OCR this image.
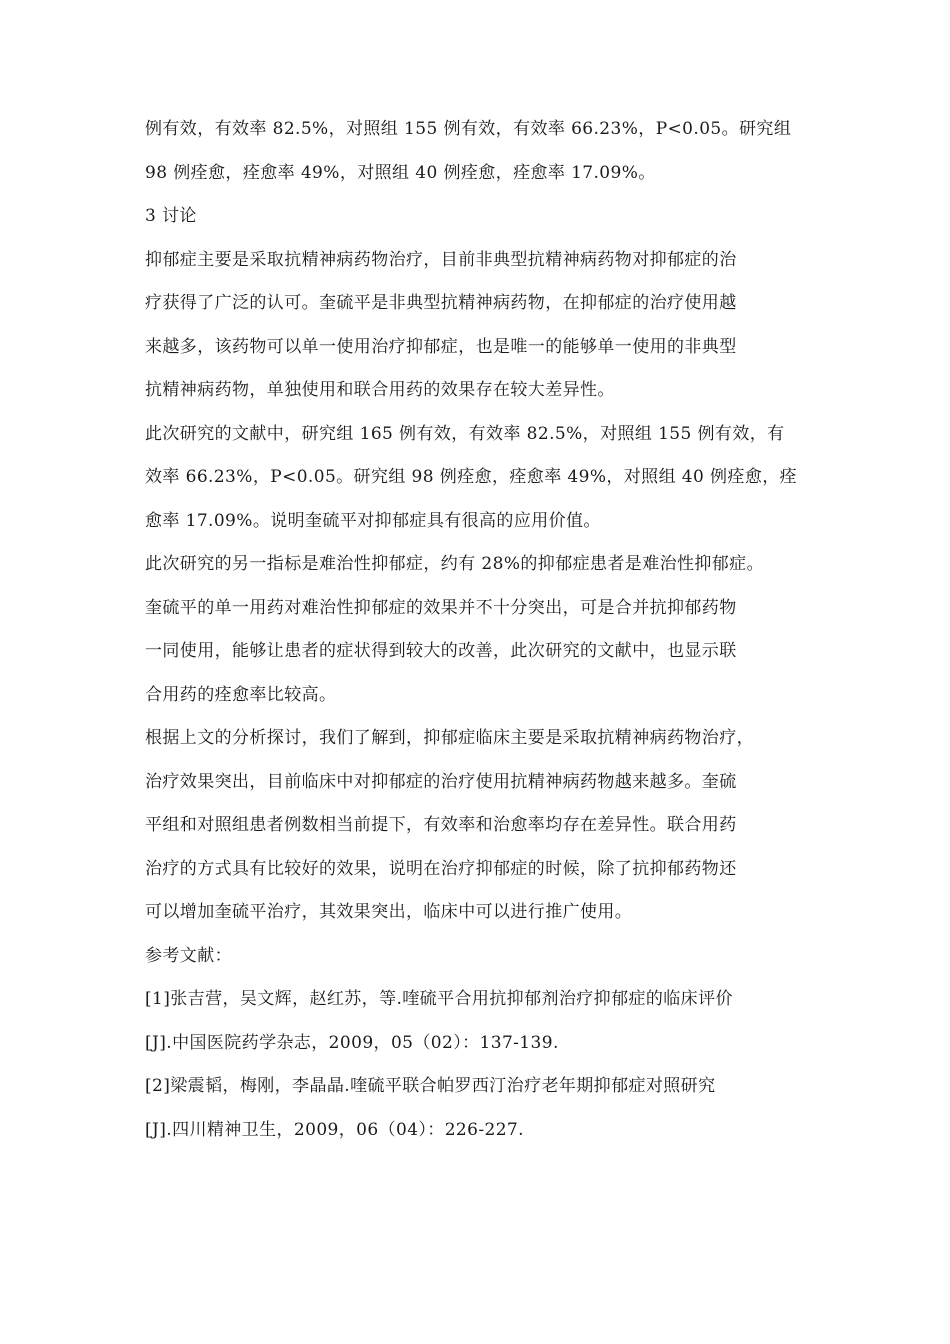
例有效，有效率 82.5%，对照组 155 例有效，有效率 66.23%，P<0.05。研究组
98 例痊愈，痊愈率 49%，对照组 40 例痊愈，痊愈率 17.09%。
3 讨论
抑郁症主要是采取抗精神病药物治疗，目前非典型抗精神病药物对抑郁症的治
疗获得了广泛的认可。奎硫平是非典型抗精神病药物，在抑郁症的治疗使用越
来越多，该药物可以单一使用治疗抑郁症，也是唯一的能够单一使用的非典型
抗精神病药物，单独使用和联合用药的效果存在较大差异性。
此次研究的文献中，研究组 165 例有效，有效率 82.5%，对照组 155 例有效，有
效率 66.23%，P<0.05。研究组 98 例痊愈，痊愈率 49%，对照组 40 例痊愈，痊
愈率 17.09%。说明奎硫平对抑郁症具有很高的应用价值。
此次研究的另一指标是难治性抑郁症，约有 28%的抑郁症患者是难治性抑郁症。
奎硫平的单一用药对难治性抑郁症的效果并不十分突出，可是合并抗抑郁药物
一同使用，能够让患者的症状得到较大的改善，此次研究的文献中，也显示联
合用药的痊愈率比较高。
根据上文的分析探讨，我们了解到，抑郁症临床主要是采取抗精神病药物治疗，
治疗效果突出，目前临床中对抑郁症的治疗使用抗精神病药物越来越多。奎硫
平组和对照组患者例数相当前提下，有效率和治愈率均存在差异性。联合用药
治疗的方式具有比较好的效果，说明在治疗抑郁症的时候，除了抗抑郁药物还
可以增加奎硫平治疗，其效果突出，临床中可以进行推广使用。
参考文献：
[1]张吉营，吴文辉，赵红苏，等.喹硫平合用抗抑郁剂治疗抑郁症的临床评价
[J].中国医院药学杂志，2009，05（02）：137-139.
[2]梁震韬，梅刚，李晶晶.喹硫平联合帕罗西汀治疗老年期抑郁症对照研究
[J].四川精神卫生，2009，06（04）：226-227.
